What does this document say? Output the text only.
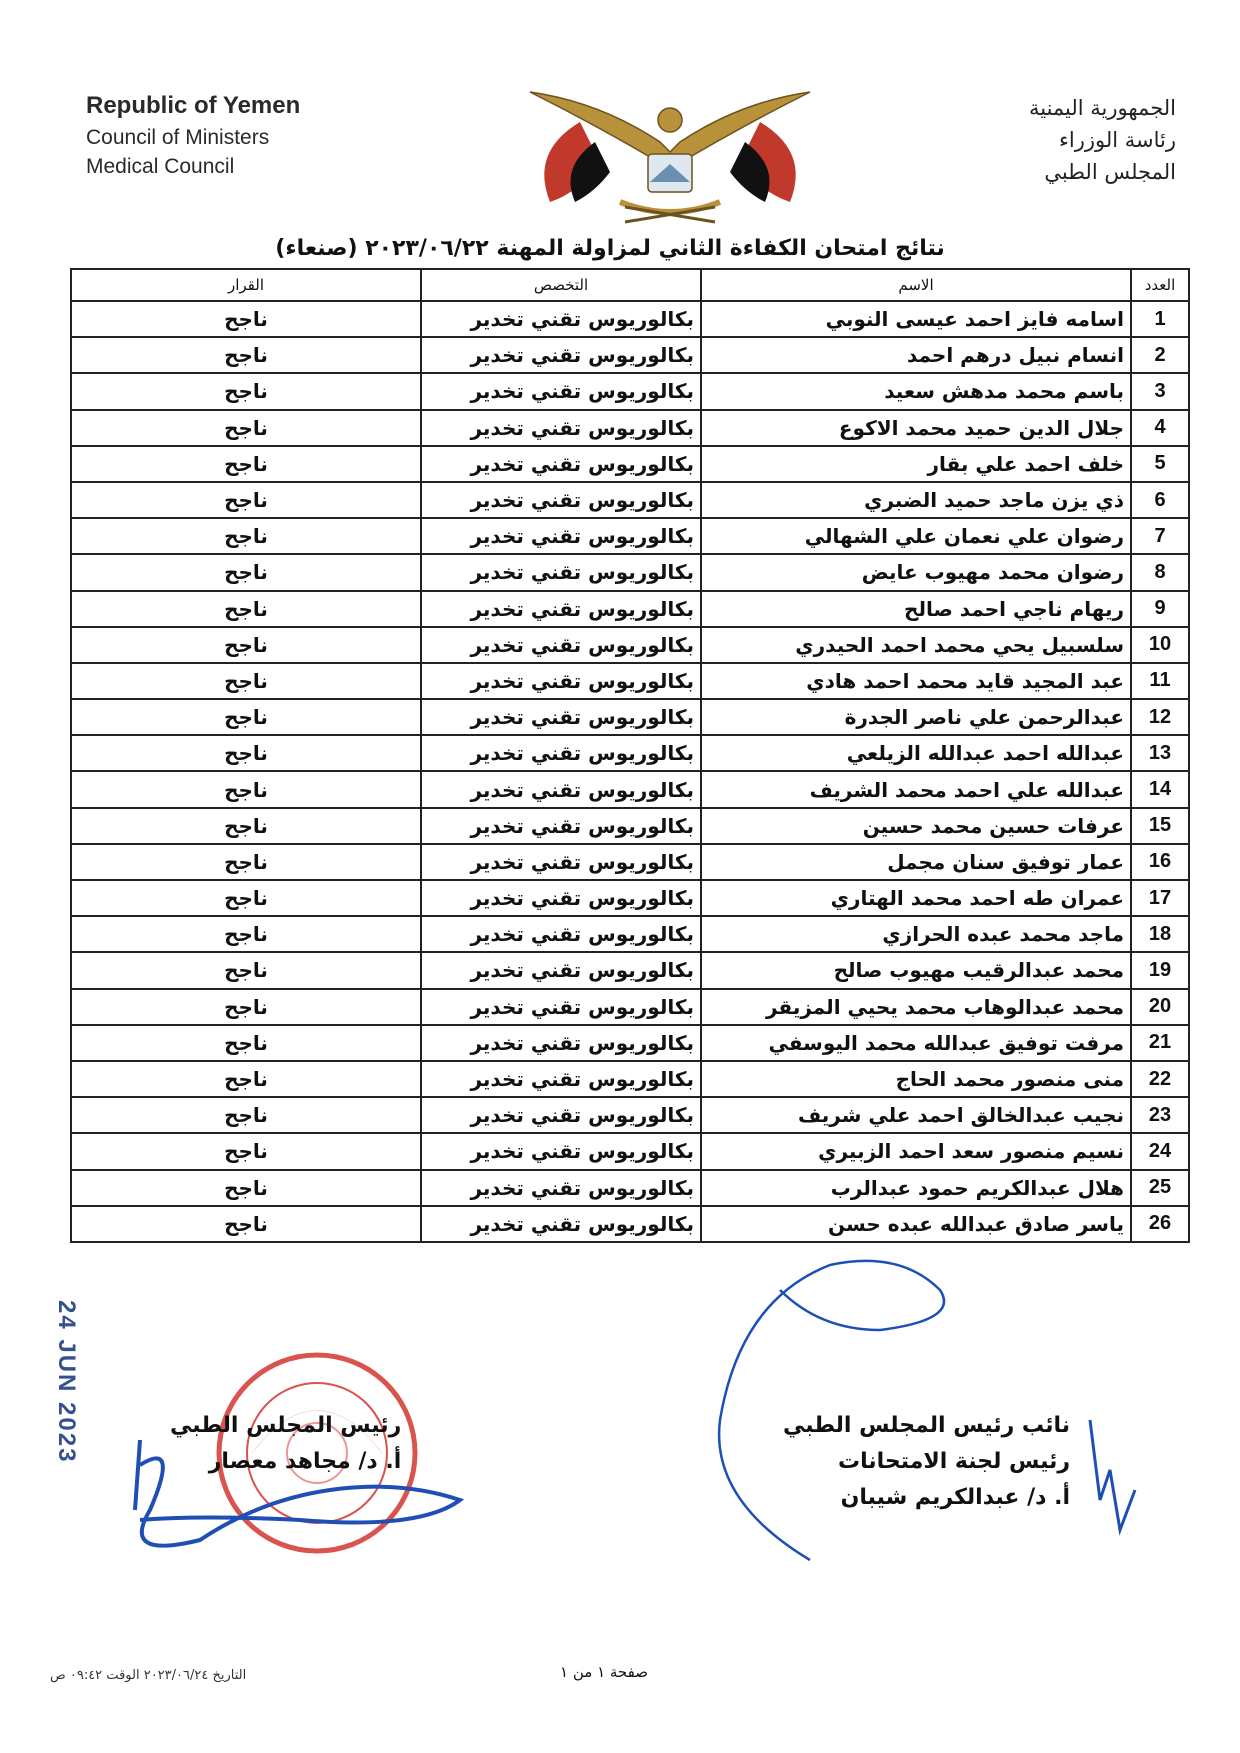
Republic of Yemen
Council of Ministers
Medical Council
الجمهورية اليمنية
رئاسة الوزراء
المجلس الطبي
نتائج امتحان الكفاءة الثاني لمزاولة المهنة ٢٠٢٣/٠٦/٢٢ (صنعاء)
العدد	الاسم	التخصص	القرار
1	اسامه فايز احمد عيسى النوبي	بكالوريوس تقني تخدير	ناجح
2	انسام نبيل درهم احمد	بكالوريوس تقني تخدير	ناجح
3	باسم محمد مدهش سعيد	بكالوريوس تقني تخدير	ناجح
4	جلال الدين حميد محمد الاكوع	بكالوريوس تقني تخدير	ناجح
5	خلف احمد علي بقار	بكالوريوس تقني تخدير	ناجح
6	ذي يزن ماجد حميد الضبري	بكالوريوس تقني تخدير	ناجح
7	رضوان علي نعمان علي الشهالي	بكالوريوس تقني تخدير	ناجح
8	رضوان محمد مهيوب عايض	بكالوريوس تقني تخدير	ناجح
9	ريهام ناجي احمد صالح	بكالوريوس تقني تخدير	ناجح
10	سلسبيل يحي محمد احمد الحيدري	بكالوريوس تقني تخدير	ناجح
11	عبد المجيد قايد محمد احمد هادي	بكالوريوس تقني تخدير	ناجح
12	عبدالرحمن علي ناصر الجدرة	بكالوريوس تقني تخدير	ناجح
13	عبدالله احمد عبدالله الزيلعي	بكالوريوس تقني تخدير	ناجح
14	عبدالله علي احمد محمد الشريف	بكالوريوس تقني تخدير	ناجح
15	عرفات حسين محمد حسين	بكالوريوس تقني تخدير	ناجح
16	عمار توفيق سنان مجمل	بكالوريوس تقني تخدير	ناجح
17	عمران طه احمد محمد الهتاري	بكالوريوس تقني تخدير	ناجح
18	ماجد محمد عبده الحرازي	بكالوريوس تقني تخدير	ناجح
19	محمد عبدالرقيب مهيوب صالح	بكالوريوس تقني تخدير	ناجح
20	محمد عبدالوهاب محمد يحيي المزيقر	بكالوريوس تقني تخدير	ناجح
21	مرفت توفيق عبدالله محمد اليوسفي	بكالوريوس تقني تخدير	ناجح
22	منى منصور محمد الحاج	بكالوريوس تقني تخدير	ناجح
23	نجيب عبدالخالق احمد علي شريف	بكالوريوس تقني تخدير	ناجح
24	نسيم منصور سعد احمد الزبيري	بكالوريوس تقني تخدير	ناجح
25	هلال عبدالكريم حمود عبدالرب	بكالوريوس تقني تخدير	ناجح
26	ياسر صادق عبدالله عبده حسن	بكالوريوس تقني تخدير	ناجح
24 JUN 2023	نائب رئيس المجلس الطبي
رئيس لجنة الامتحانات
أ. د/ عبدالكريم شيبان
رئيس المجلس الطبي
أ. د/ مجاهد معصار
صفحة ١ من ١
التاريخ ٢٠٢٣/٠٦/٢٤ الوقت ٠٩:٤٢ ص
